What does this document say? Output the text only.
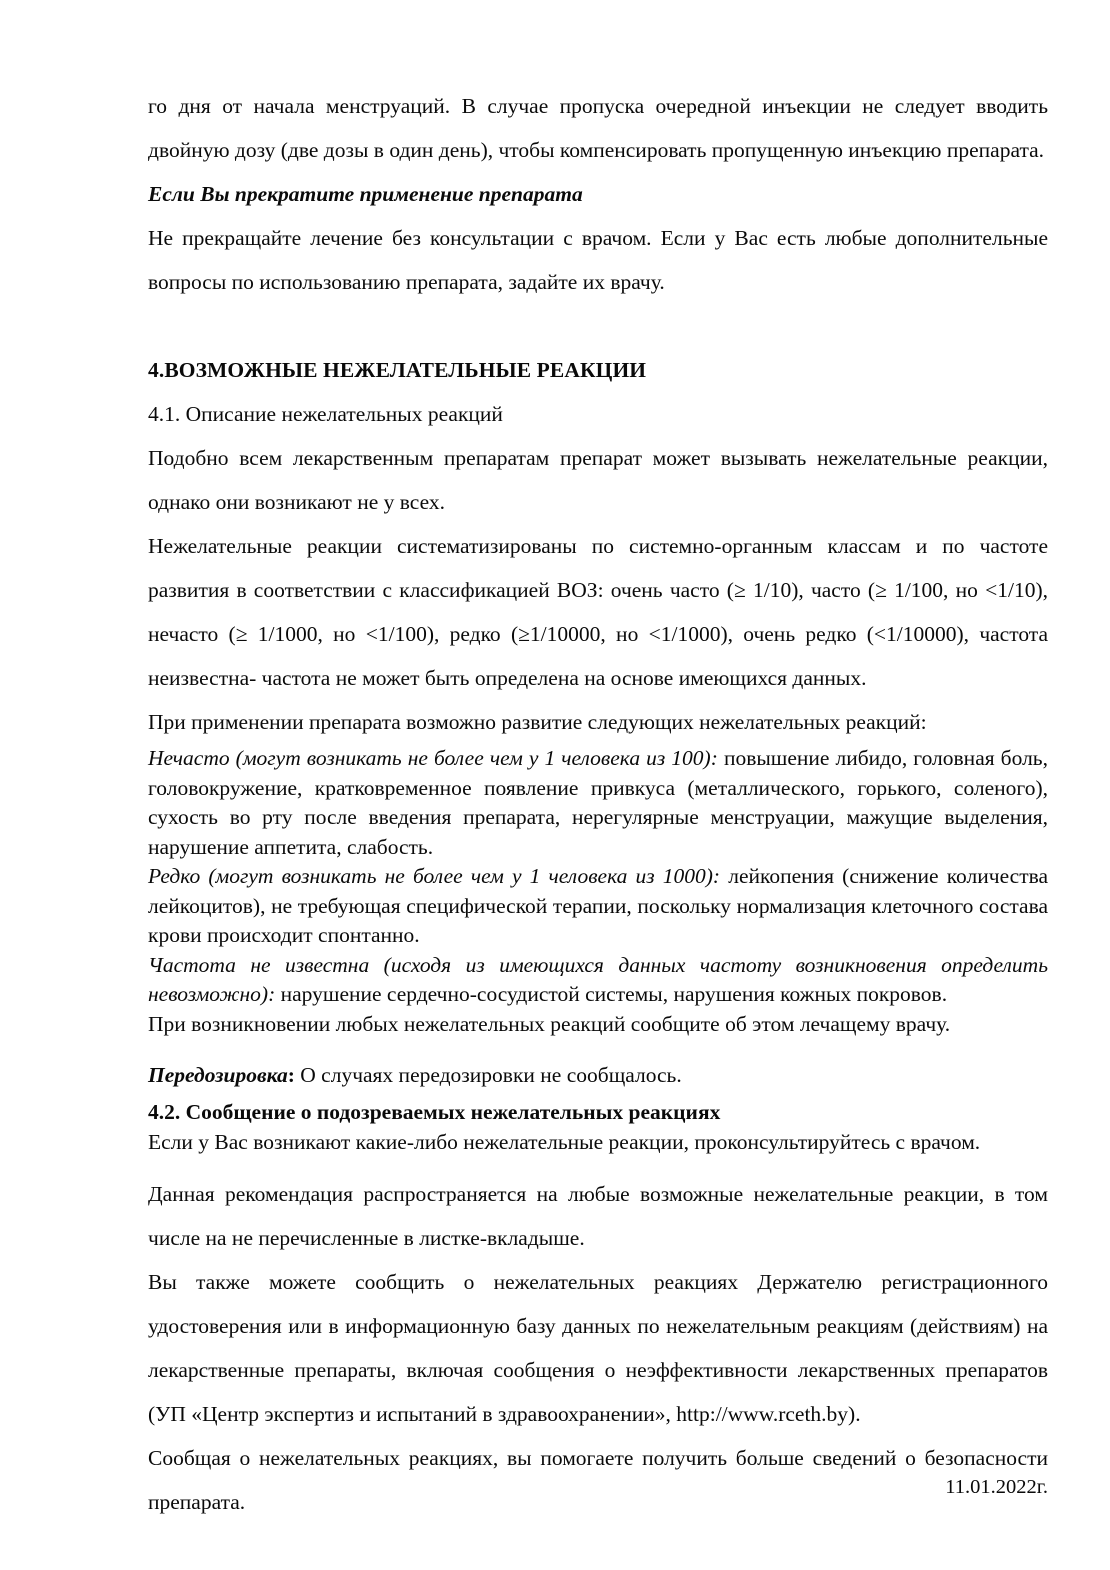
го дня от начала менструаций. В случае пропуска очередной инъекции не следует вводить двойную дозу (две дозы в один день), чтобы компенсировать пропущенную инъекцию препарата.

Если Вы прекратите применение препарата

Не прекращайте лечение без консультации с врачом. Если у Вас есть любые дополнительные вопросы по использованию препарата, задайте их врачу.

4.ВОЗМОЖНЫЕ НЕЖЕЛАТЕЛЬНЫЕ РЕАКЦИИ

4.1. Описание нежелательных реакций

Подобно всем лекарственным препаратам препарат может вызывать нежелательные реакции, однако они возникают не у всех.

Нежелательные реакции систематизированы по системно-органным классам и по частоте развития в соответствии с классификацией ВОЗ: очень часто (≥ 1/10), часто (≥ 1/100, но <1/10), нечасто (≥ 1/1000, но <1/100), редко (≥1/10000, но <1/1000), очень редко (<1/10000), частота неизвестна- частота не может быть определена на основе имеющихся данных.

При применении препарата возможно развитие следующих нежелательных реакций:

Нечасто (могут возникать не более чем у 1 человека из 100): повышение либидо, головная боль, головокружение, кратковременное появление привкуса (металлического, горького, соленого), сухость во рту после введения препарата, нерегулярные менструации, мажущие выделения, нарушение аппетита, слабость.

Редко (могут возникать не более чем у 1 человека из 1000): лейкопения (снижение количества лейкоцитов), не требующая специфической терапии, поскольку нормализация клеточного состава крови происходит спонтанно.

Частота не известна (исходя из имеющихся данных частоту возникновения определить невозможно): нарушение сердечно-сосудистой системы, нарушения кожных покровов.

При возникновении любых нежелательных реакций сообщите об этом лечащему врачу.

Передозировка: О случаях передозировки не сообщалось.

4.2. Сообщение о подозреваемых нежелательных реакциях

Если у Вас возникают какие-либо нежелательные реакции, проконсультируйтесь с врачом.

Данная рекомендация распространяется на любые возможные нежелательные реакции, в том числе на не перечисленные в листке-вкладыше.

Вы также можете сообщить о нежелательных реакциях Держателю регистрационного удостоверения или в информационную базу данных по нежелательным реакциям (действиям) на лекарственные препараты, включая сообщения о неэффективности лекарственных препаратов (УП «Центр экспертиз и испытаний в здравоохранении», http://www.rceth.by).

Сообщая о нежелательных реакциях, вы помогаете получить больше сведений о безопасности препарата.

11.01.2022г.
